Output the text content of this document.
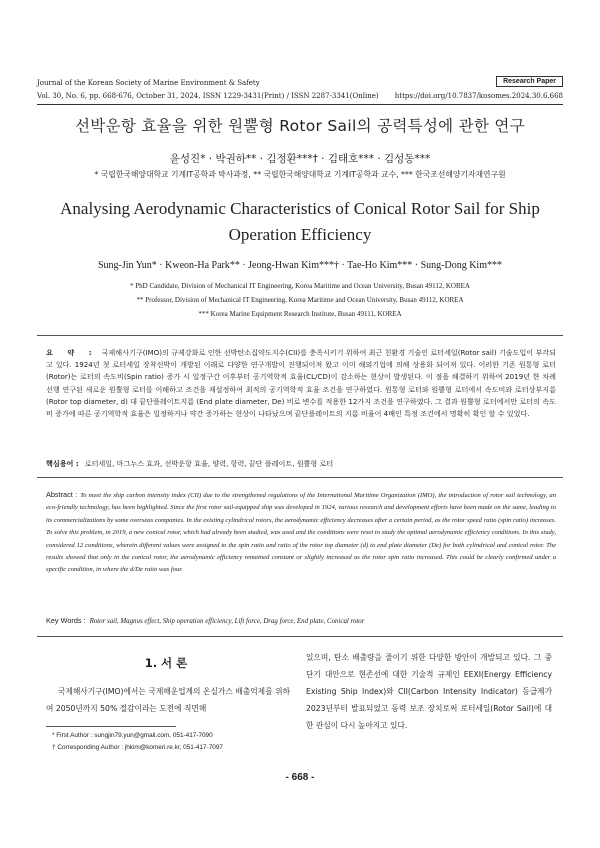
Journal of the Korean Society of Marine Environment & Safety
Vol. 30, No. 6, pp. 668-676, October 31, 2024, ISSN 1229-3431(Print) / ISSN 2287-3341(Online)
Research Paper
https://doi.org/10.7837/kosomes.2024.30.6.668
선박운항 효율을 위한 원뿔형 Rotor Sail의 공력특성에 관한 연구
윤성진* · 박권하** · 김정환***† · 김태호*** · 김성동***
* 국립한국해양대학교 기계IT공학과 박사과정, ** 국립한국해양대학교 기계IT공학과 교수, *** 한국조선해양기자재연구원
Analysing Aerodynamic Characteristics of Conical Rotor Sail for Ship Operation Efficiency
Sung-Jin Yun* · Kweon-Ha Park** · Jeong-Hwan Kim***† · Tae-Ho Kim*** · Sung-Dong Kim***
* PhD Candidate, Division of Mechanical IT Engineering, Korea Maritime and Ocean University, Busan 49112, KOREA
** Professor, Division of Mechanical IT Engineering, Korea Maritime and Ocean University, Busan 49112, KOREA
*** Korea Marine Equipment Research Institute, Busan 49111, KOREA
요 약 : 국제해사기구(IMO)의 규제강화로 인한 선박탄소집약도지수(CII)를 충족시키기 위하여 최근 친환경 기술인 로터세일(Rotor sail) 기술도입이 부각되고 있다. 1924년 첫 로터세일 장착선박이 개발된 이래로 다양한 연구개발이 진행되어져 왔고 이미 해외기업에 의해 상용화 되어져 있다. 이러한 기존 원통형 로터(Rotor)는 로터의 속도비(Spin ratio) 증가 시 일정구간 이후부터 공기역학적 효율(CL/CD)이 감소하는 현상이 발생된다. 이 점을 해결하기 위하여 2019년 한 차례 선행 연구된 새로운 원뿔형 로터를 이해하고 조건을 재설정하여 최적의 공기역학적 효율 조건을 연구하였다. 원통형 로터와 원뿔형 로터에서 속도비와 로터상부지름(Rotor top diameter, d) 대 끝단플레이트지름 (End plate diameter, De) 비로 변수를 적용한 12가지 조건을 연구하였다. 그 결과 원뿔형 로터에서만 로터의 속도비 증가에 따른 공기역학적 효율은 일정하거나 약간 증가하는 현상이 나타났으며 끝단플레이트의 지름 비율이 4배인 특정 조건에서 명확히 확인 할 수 있었다.
핵심용어 : 로터세일, 마그누스 효과, 선박운항 효율, 양력, 항력, 끝단 플레이트, 원뿔형 로터
Abstract : To meet the ship carbon intensity index (CII) due to the strengthened regulations of the International Maritime Organization (IMO), the introduction of rotor sail technology, an eco-friendly technology, has been highlighted. Since the first rotor sail-equipped ship was developed in 1924, various research and development efforts have been made on the same, leading to its commercializations by some overseas companies. In the existing cylindrical rotors, the aerodynamic efficiency decreases after a certain period, as the rotor speed ratio (spin ratio) increases. To solve this problem, in 2019, a new conical rotor, which had already been studied, was used and the conditions were reset to study the optimal aerodynamic efficiency conditions. In this study, considered 12 conditions, wherein different values were assigned to the spin ratio and ratio of the rotor top diameter (d) to end plate diameter (De) for both cylindrical and conical rotor. The results showed that only in the conical rotor, the aerodynamic efficiency remained constant or slightly increased as the rotor spin ratio increased. This could be clearly confirmed under a specific condition, in where the d/De ratio was four.
Key Words : Rotor sail, Magnus effect, Ship operation efficiency, Lift force, Drag force, End plate, Conical rotor
1. 서 론
국제해사기구(IMO)에서는 국제해운업계의 온실가스 배출억제를 위하여 2050년까지 50% 절감이라는 도전에 직면해
있으며, 탄소 배출량을 줄이기 위한 다양한 방안이 개발되고 있다. 그 중 단기 대안으로 현존선에 대한 기술적 규제인 EEXI(Energy Efficiency Existing Ship Index)와 CII(Carbon Intensity Indicator) 등급제가 2023년부터 발표되었고 동력 보조 장치로써 로터세일(Rotor Sail)에 대한 관심이 다시 높아지고 있다.
* First Author : sungjin79.yun@gmail.com, 051-417-7090
† Corresponding Author : jhkim@komeri.re.kr, 051-417-7097
- 668 -
